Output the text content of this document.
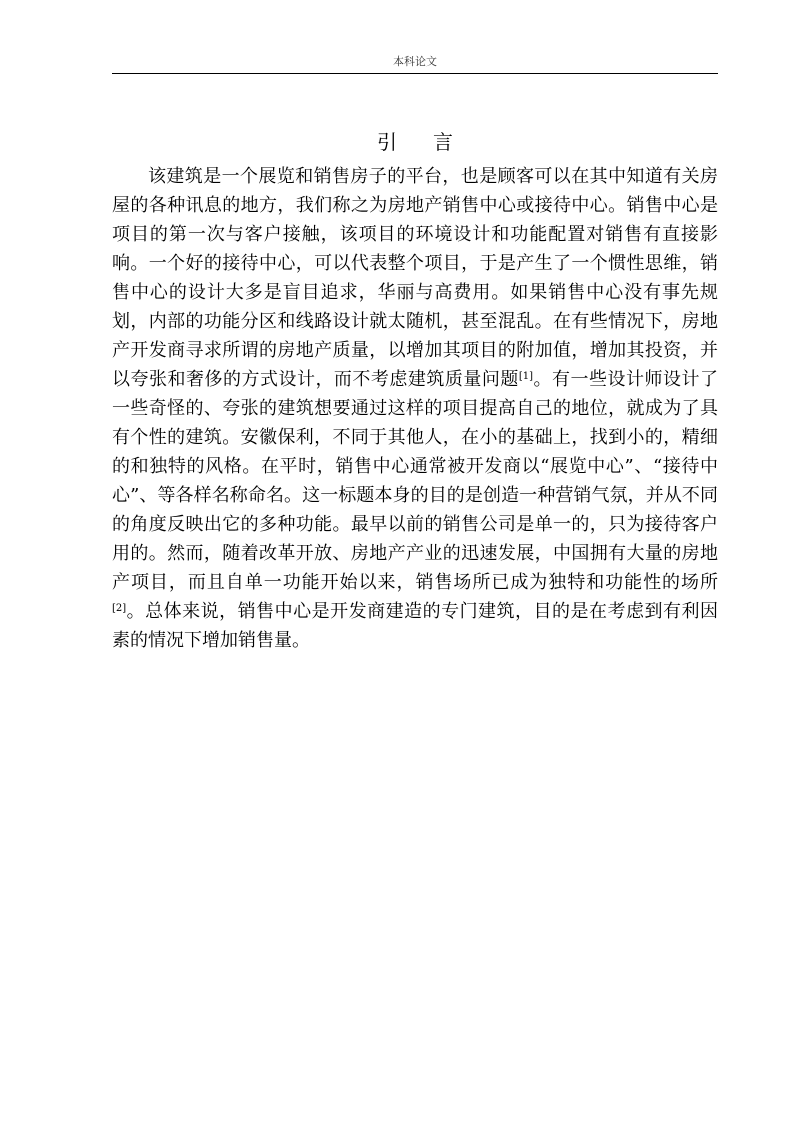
本科论文
引言

该建筑是一个展览和销售房子的平台，也是顾客可以在其中知道有关房屋的各种讯息的地方，我们称之为房地产销售中心或接待中心。销售中心是项目的第一次与客户接触，该项目的环境设计和功能配置对销售有直接影响。一个好的接待中心，可以代表整个项目，于是产生了一个惯性思维，销售中心的设计大多是盲目追求，华丽与高费用。如果销售中心没有事先规划，内部的功能分区和线路设计就太随机，甚至混乱。在有些情况下，房地产开发商寻求所谓的房地产质量，以增加其项目的附加值，增加其投资，并以夸张和奢侈的方式设计，而不考虑建筑质量问题[1]。有一些设计师设计了一些奇怪的、夸张的建筑想要通过这样的项目提高自己的地位，就成为了具有个性的建筑。安徽保利，不同于其他人，在小的基础上，找到小的，精细的和独特的风格。在平时，销售中心通常被开发商以“展览中心”、“接待中心”、等各样名称命名。这一标题本身的目的是创造一种营销气氛，并从不同的角度反映出它的多种功能。最早以前的销售公司是单一的，只为接待客户用的。然而，随着改革开放、房地产产业的迅速发展，中国拥有大量的房地产项目，而且自单一功能开始以来，销售场所已成为独特和功能性的场所[2]。总体来说，销售中心是开发商建造的专门建筑，目的是在考虑到有利因素的情况下增加销售量。
